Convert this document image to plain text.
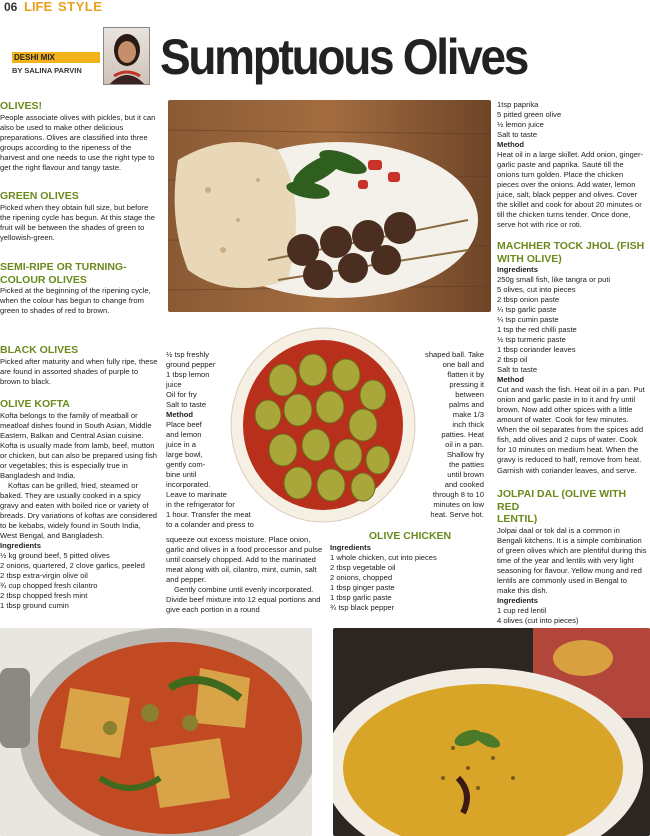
06 LIFE STYLE
DESHI MIX
BY SALINA PARVIN Sumptuous Olives
OLIVES!
People associate olives with pickles, but it can also be used to make other delicious preparations. Olives are classified into three groups according to the ripeness of the harvest and one needs to use the right type to get the right flavour and tangy taste.
GREEN OLIVES
Picked when they obtain full size, but before the ripening cycle has begun. At this stage the fruit will be between the shades of green to yellowish-green.
SEMI-RIPE OR TURNING-
COLOUR OLIVES
Picked at the beginning of the ripening cycle, when the colour has begun to change from green to shades of red to brown.
BLACK OLIVES
Picked after maturity and when fully ripe, these are found in assorted shades of purple to brown to black.
OLIVE KOFTA
Kofta belongs to the family of meatball or meatloaf dishes found in South Asian, Middle Eastern, Balkan and Central Asian cuisine. Kofta is usually made from lamb, beef, mutton or chicken, but can also be prepared using fish or vegetables; this is especially true in Bangladesh and India.
Koftas can be grilled, fried, steamed or baked. They are usually cooked in a spicy gravy and eaten with boiled rice or variety of breads. Dry variations of koftas are considered to be kebabs, widely found in South India, West Bengal, and Bangladesh.
Ingredients
½ kg ground beef, 5 pitted olives
2 onions, quartered, 2 clove garlics, peeled
2 tbsp extra-virgin olive oil
¾ cup chopped fresh cilantro
2 tbsp chopped fresh mint
1 tbsp ground cumin
½ tsp freshly
ground pepper
1 tbsp lemon
juice
Oil for fry
Salt to taste
Method
Place beef
and lemon
juice in a
large bowl,
gently com-
bine until
incorporated.
Leave to marinate
in the refrigerator for
1 hour. Transfer the meat
to a colander and press to
squeeze out excess moisture. Place onion, garlic and olives in a food processor and pulse until coarsely chopped. Add to the marinated meat along with oil, cilantro, mint, cumin, salt and pepper.
Gently combine until evenly incorporated. Divide beef mixture into 12 equal portions and give each portion in a round
shaped ball. Take
one ball and
flatten it by
pressing it
between
palms and
make 1/3
inch thick
patties. Heat
oil in a pan.
Shallow fry
the patties
until brown
and cooked
through 8 to 10
minutes on low
heat. Serve hot.
OLIVE CHICKEN
Ingredients
1 whole chicken, cut into pieces
2 tbsp vegetable oil
2 onions, chopped
1 tbsp ginger paste
1 tbsp garlic paste
¾ tsp black pepper
1tsp paprika
5 pitted green olive
½ lemon juice
Salt to taste
Method
Heat oil in a large skillet. Add onion, ginger-garlic paste and paprika. Sauté till the onions turn golden. Place the chicken pieces over the onions. Add water, lemon juice, salt, black pepper and olives. Cover the skillet and cook for about 20 minutes or till the chicken turns tender. Once done, serve hot with rice or roti.
MACHHER TOCK JHOL (FISH
WITH OLIVE)
Ingredients
250g small fish, like tangra or puti
5 olives, cut into pieces
2 tbsp onion paste
¼ tsp garlic paste
¼ tsp cumin paste
1 tsp the red chilli paste
½ tsp turmeric paste
1 tbsp coriander leaves
2 tbsp oil
Salt to taste
Method
Cut and wash the fish. Heat oil in a pan. Put onion and garlic paste in to it and fry until brown. Now add other spices with a little amount of water. Cook for few minutes. When the oil separates from the spices add fish, add olives and 2 cups of water. Cook for 10 minutes on medium heat. When the gravy is reduced to half, remove from heat. Garnish with coriander leaves, and serve.
JOLPAI DAL (OLIVE WITH RED
LENTIL)
Jolpai daal or tok dal is a common in Bengali kitchens. It is a simple combination of green olives which are plentiful during this time of the year and lentils with very light seasoning for flavour. Yellow mung and red lentils are commonly used in Bengal to make this dish.
Ingredients
1 cup red lentil
4 olives (cut into pieces)
